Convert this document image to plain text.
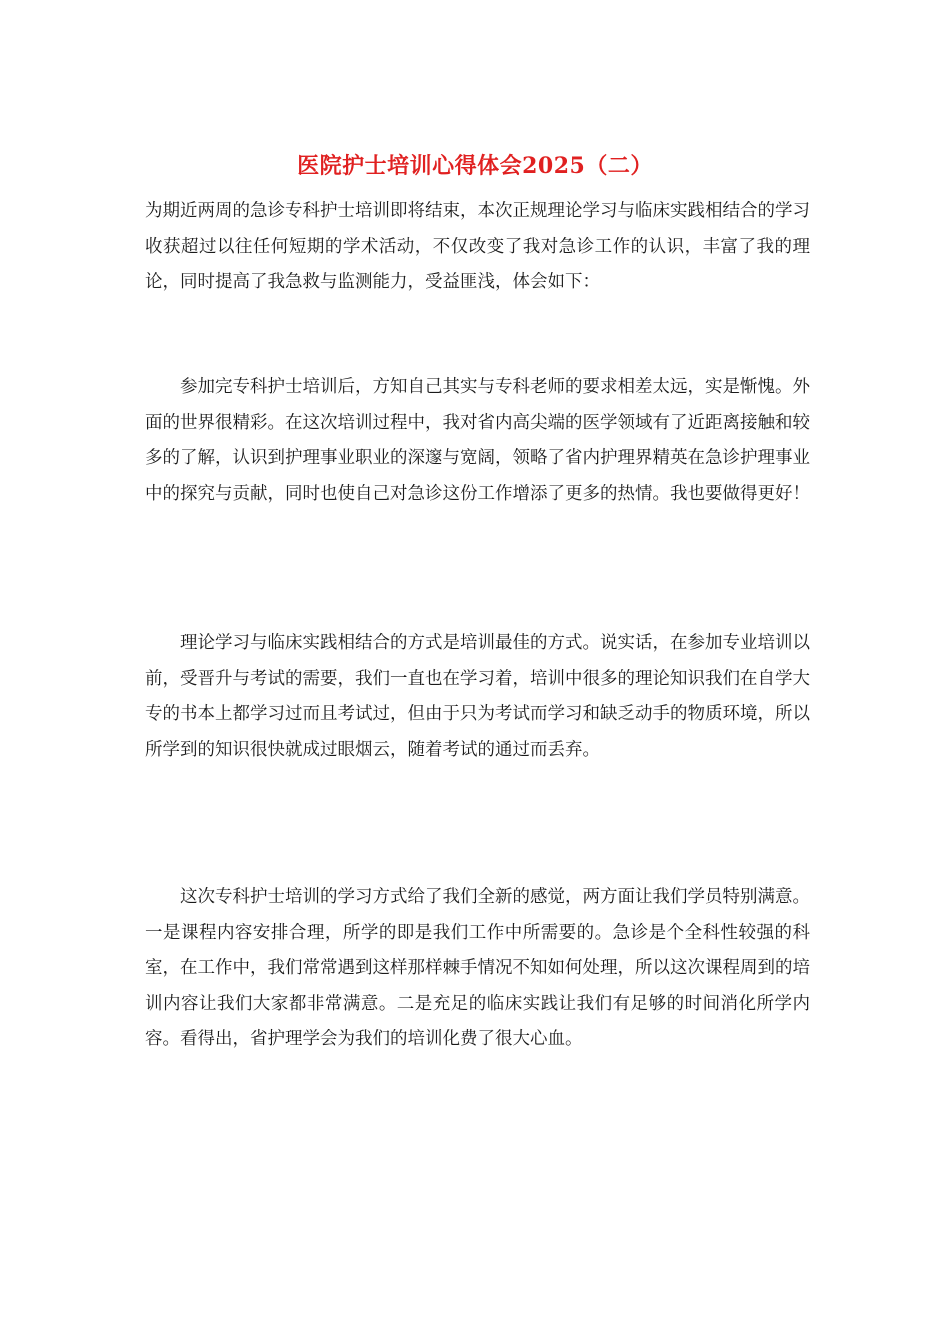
医院护士培训心得体会2025（二）

为期近两周的急诊专科护士培训即将结束，本次正规理论学习与临床实践相结合的学习收获超过以往任何短期的学术活动，不仅改变了我对急诊工作的认识，丰富了我的理论，同时提高了我急救与监测能力，受益匪浅，体会如下：

参加完专科护士培训后，方知自己其实与专科老师的要求相差太远，实是惭愧。外面的世界很精彩。在这次培训过程中，我对省内高尖端的医学领域有了近距离接触和较多的了解，认识到护理事业职业的深邃与宽阔，领略了省内护理界精英在急诊护理事业中的探究与贡献，同时也使自己对急诊这份工作增添了更多的热情。我也要做得更好！

理论学习与临床实践相结合的方式是培训最佳的方式。说实话，在参加专业培训以前，受晋升与考试的需要，我们一直也在学习着，培训中很多的理论知识我们在自学大专的书本上都学习过而且考试过，但由于只为考试而学习和缺乏动手的物质环境，所以所学到的知识很快就成过眼烟云，随着考试的通过而丢弃。

这次专科护士培训的学习方式给了我们全新的感觉，两方面让我们学员特别满意。一是课程内容安排合理，所学的即是我们工作中所需要的。急诊是个全科性较强的科室，在工作中，我们常常遇到这样那样棘手情况不知如何处理，所以这次课程周到的培训内容让我们大家都非常满意。二是充足的临床实践让我们有足够的时间消化所学内容。看得出，省护理学会为我们的培训化费了很大心血。
